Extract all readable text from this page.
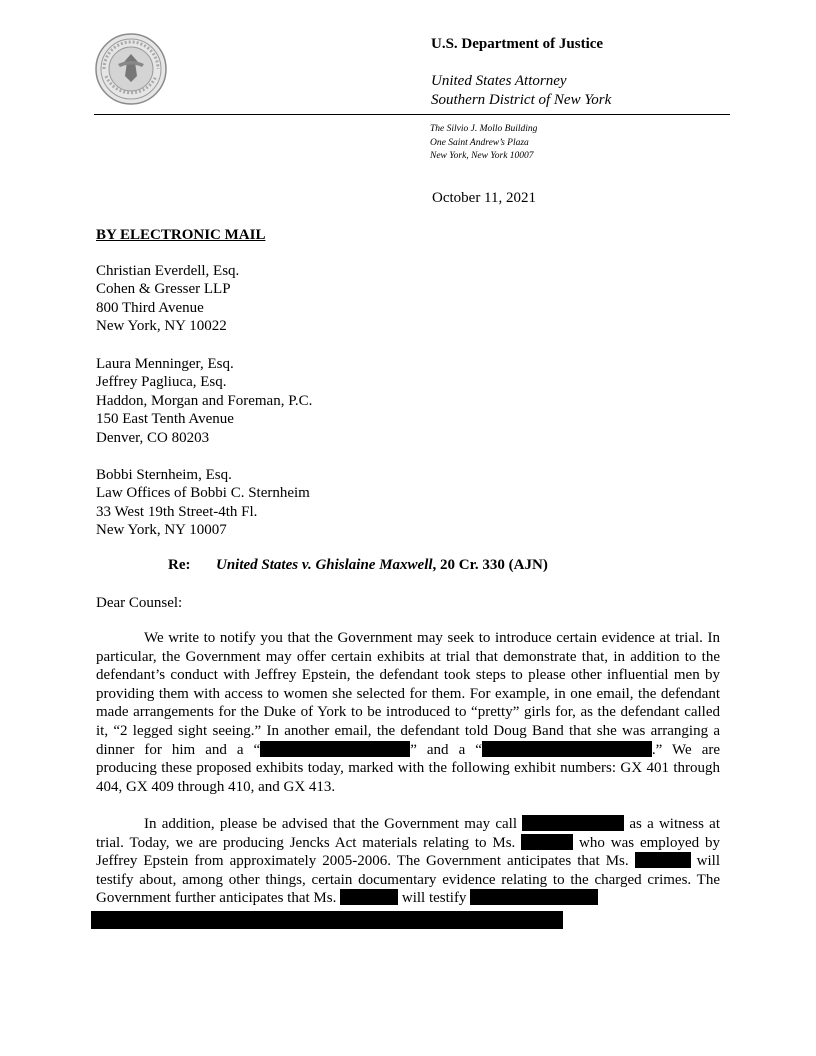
U.S. Department of Justice
United States Attorney
Southern District of New York
The Silvio J. Mollo Building
One Saint Andrew’s Plaza
New York, New York 10007
October 11, 2021
BY ELECTRONIC MAIL
Christian Everdell, Esq.
Cohen & Gresser LLP
800 Third Avenue
New York, NY 10022
Laura Menninger, Esq.
Jeffrey Pagliuca, Esq.
Haddon, Morgan and Foreman, P.C.
150 East Tenth Avenue
Denver, CO 80203
Bobbi Sternheim, Esq.
Law Offices of Bobbi C. Sternheim
33 West 19th Street-4th Fl.
New York, NY 10007
Re: United States v. Ghislaine Maxwell, 20 Cr. 330 (AJN)
Dear Counsel:
We write to notify you that the Government may seek to introduce certain evidence at trial. In particular, the Government may offer certain exhibits at trial that demonstrate that, in addition to the defendant’s conduct with Jeffrey Epstein, the defendant took steps to please other influential men by providing them with access to women she selected for them. For example, in one email, the defendant made arrangements for the Duke of York to be introduced to “pretty” girls for, as the defendant called it, “2 legged sight seeing.” In another email, the defendant told Doug Band that she was arranging a dinner for him and a “	” and a “	.” We are producing these proposed exhibits today, marked with the following exhibit numbers: GX 401 through 404, GX 409 through 410, and GX 413.
In addition, please be advised that the Government may call	as a witness at trial. Today, we are producing Jencks Act materials relating to Ms.	who was employed by Jeffrey Epstein from approximately 2005-2006. The Government anticipates that Ms.	will testify about, among other things, certain documentary evidence relating to the charged crimes. The Government further anticipates that Ms.	will testify
